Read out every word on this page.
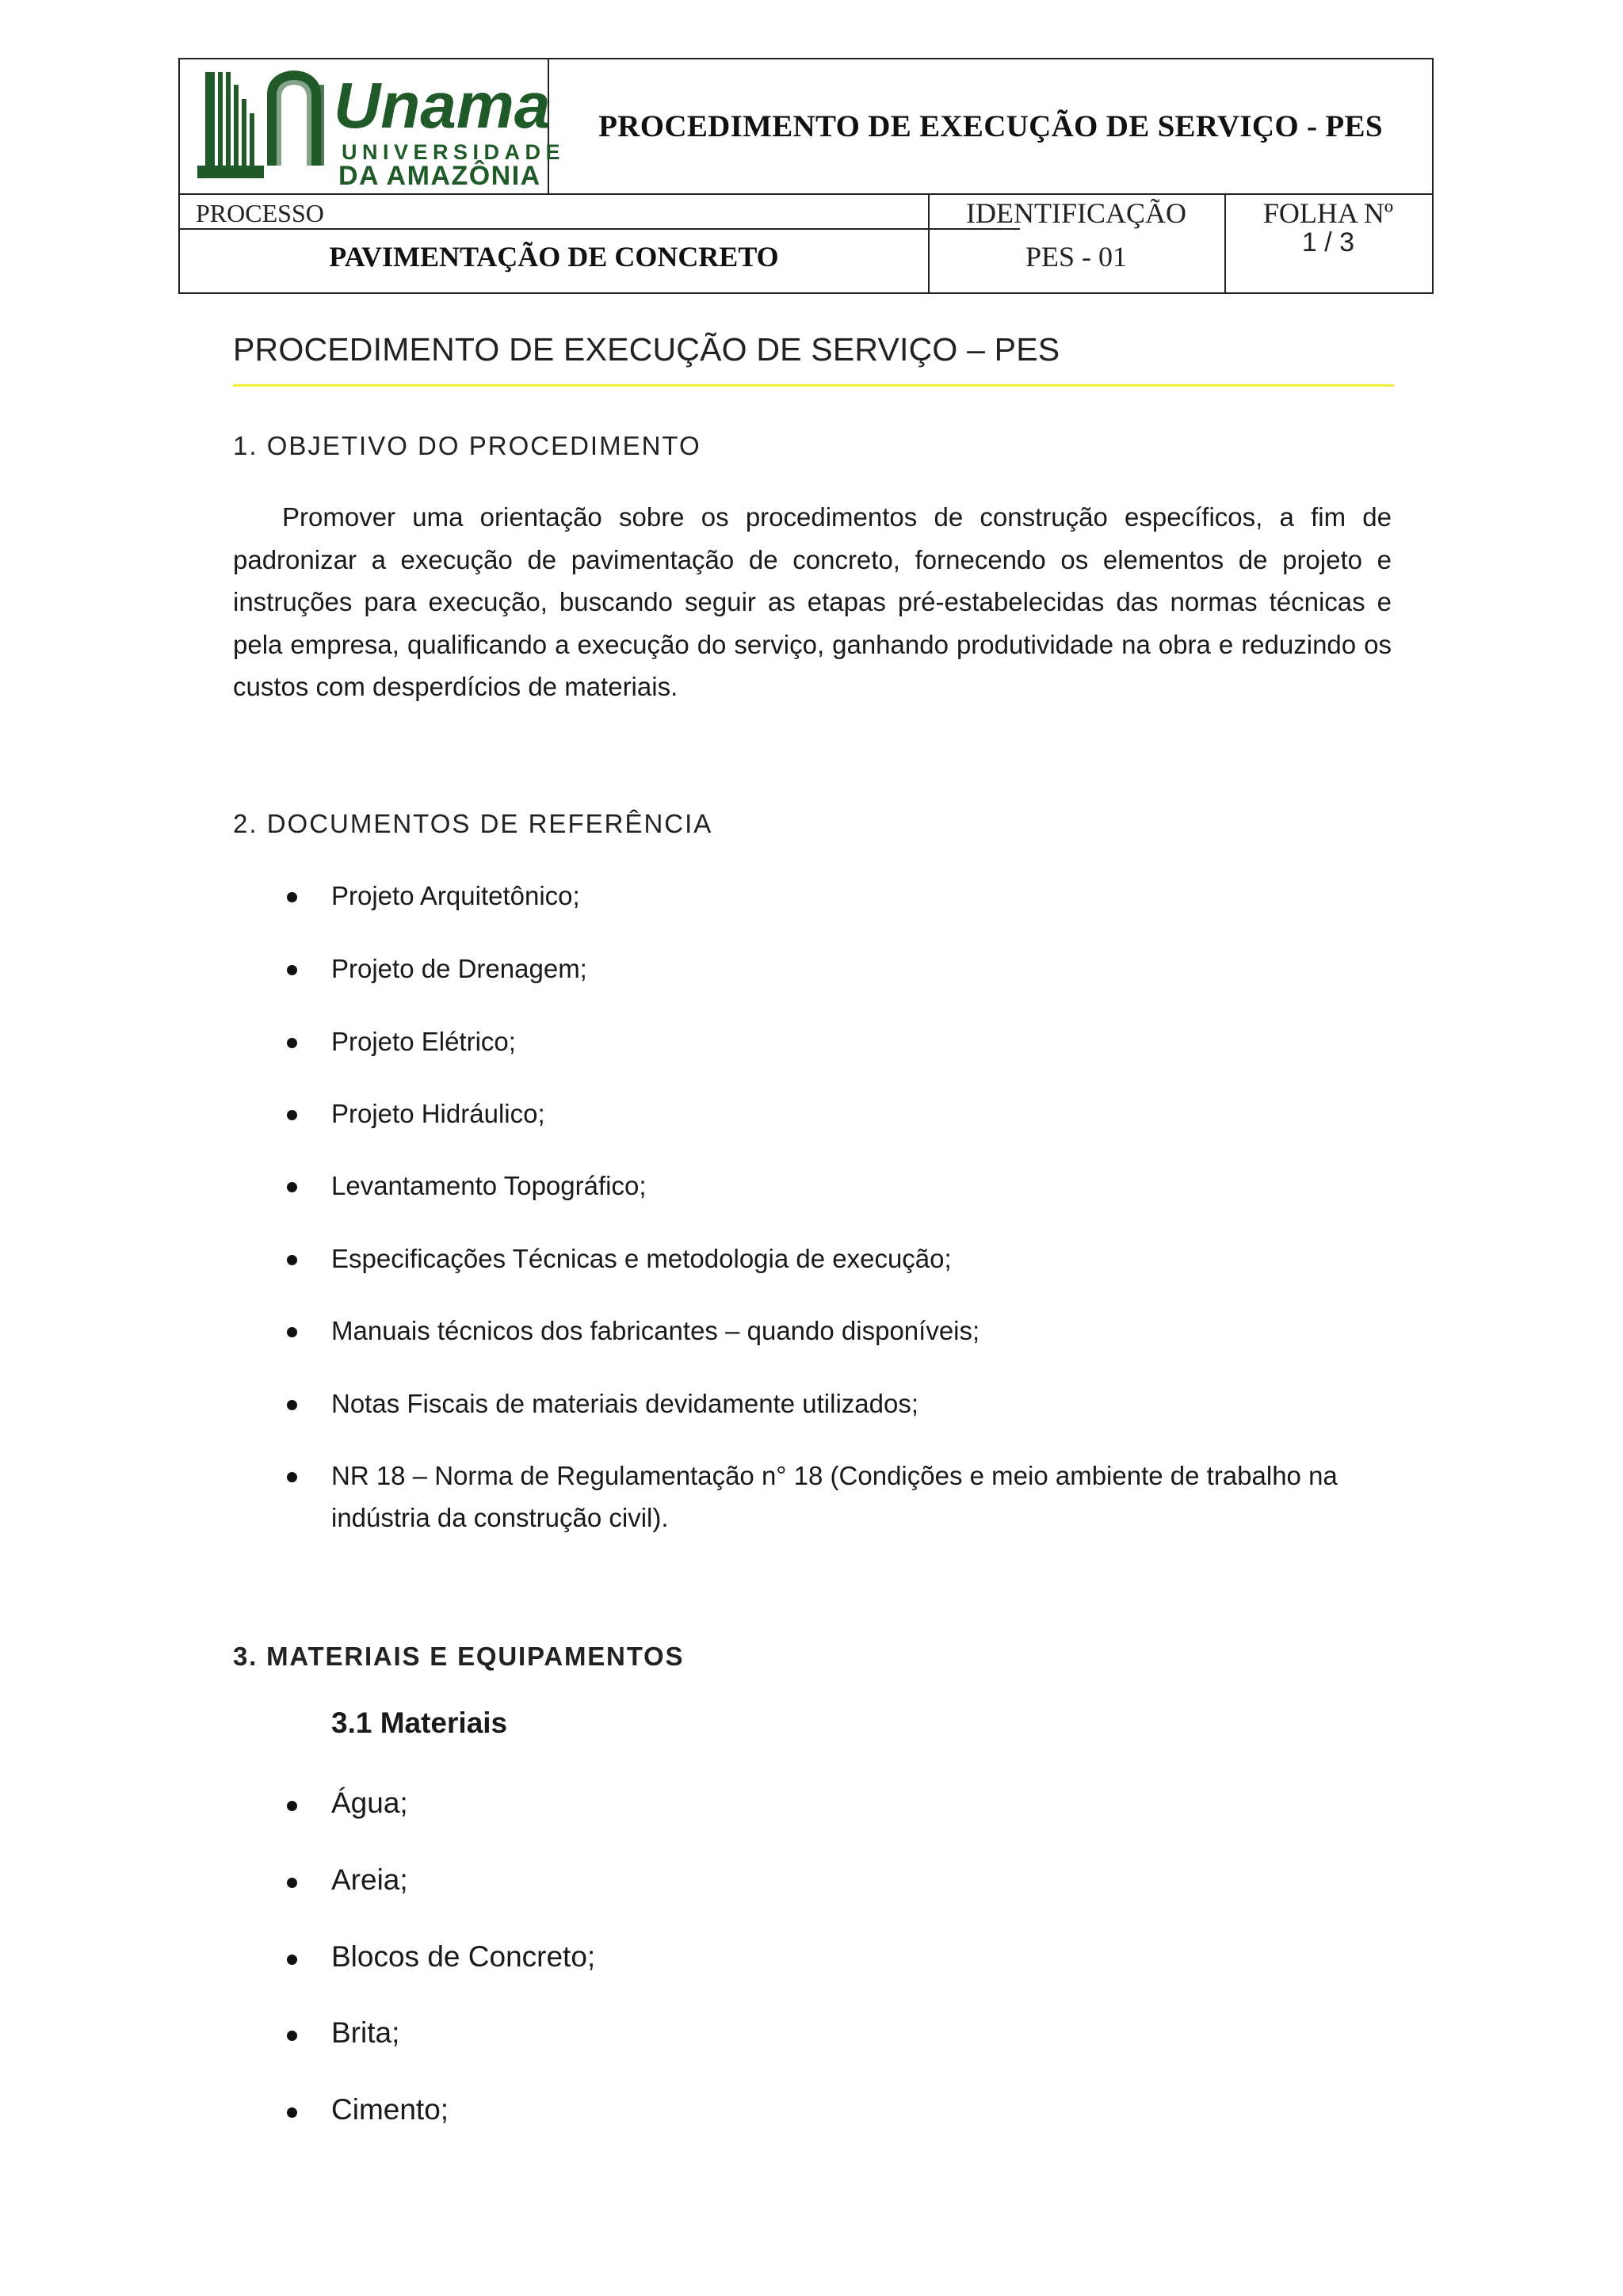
Unama
UNIVERSIDADE
DA AMAZÔNIA
PROCEDIMENTO DE EXECUÇÃO DE SERVIÇO - PES
PROCESSO	IDENTIFICAÇÃO	FOLHA Nº
PAVIMENTAÇÃO DE CONCRETO	PES - 01	1 / 3
PROCEDIMENTO DE EXECUÇÃO DE SERVIÇO – PES
1. OBJETIVO DO PROCEDIMENTO

Promover uma orientação sobre os procedimentos de construção específicos, a fim de padronizar a execução de pavimentação de concreto, fornecendo os elementos de projeto e instruções para execução, buscando seguir as etapas pré-estabelecidas das normas técnicas e pela empresa, qualificando a execução do serviço, ganhando produtividade na obra e reduzindo os custos com desperdícios de materiais.

2. DOCUMENTOS DE REFERÊNCIA
Projeto Arquitetônico;
Projeto de Drenagem;
Projeto Elétrico;
Projeto Hidráulico;
Levantamento Topográfico;
Especificações Técnicas e metodologia de execução;
Manuais técnicos dos fabricantes – quando disponíveis;
Notas Fiscais de materiais devidamente utilizados;
NR 18 – Norma de Regulamentação n° 18 (Condições e meio ambiente de trabalho na indústria da construção civil).
3. MATERIAIS E EQUIPAMENTOS
3.1 Materiais
Água;
Areia;
Blocos de Concreto;
Brita;
Cimento;
